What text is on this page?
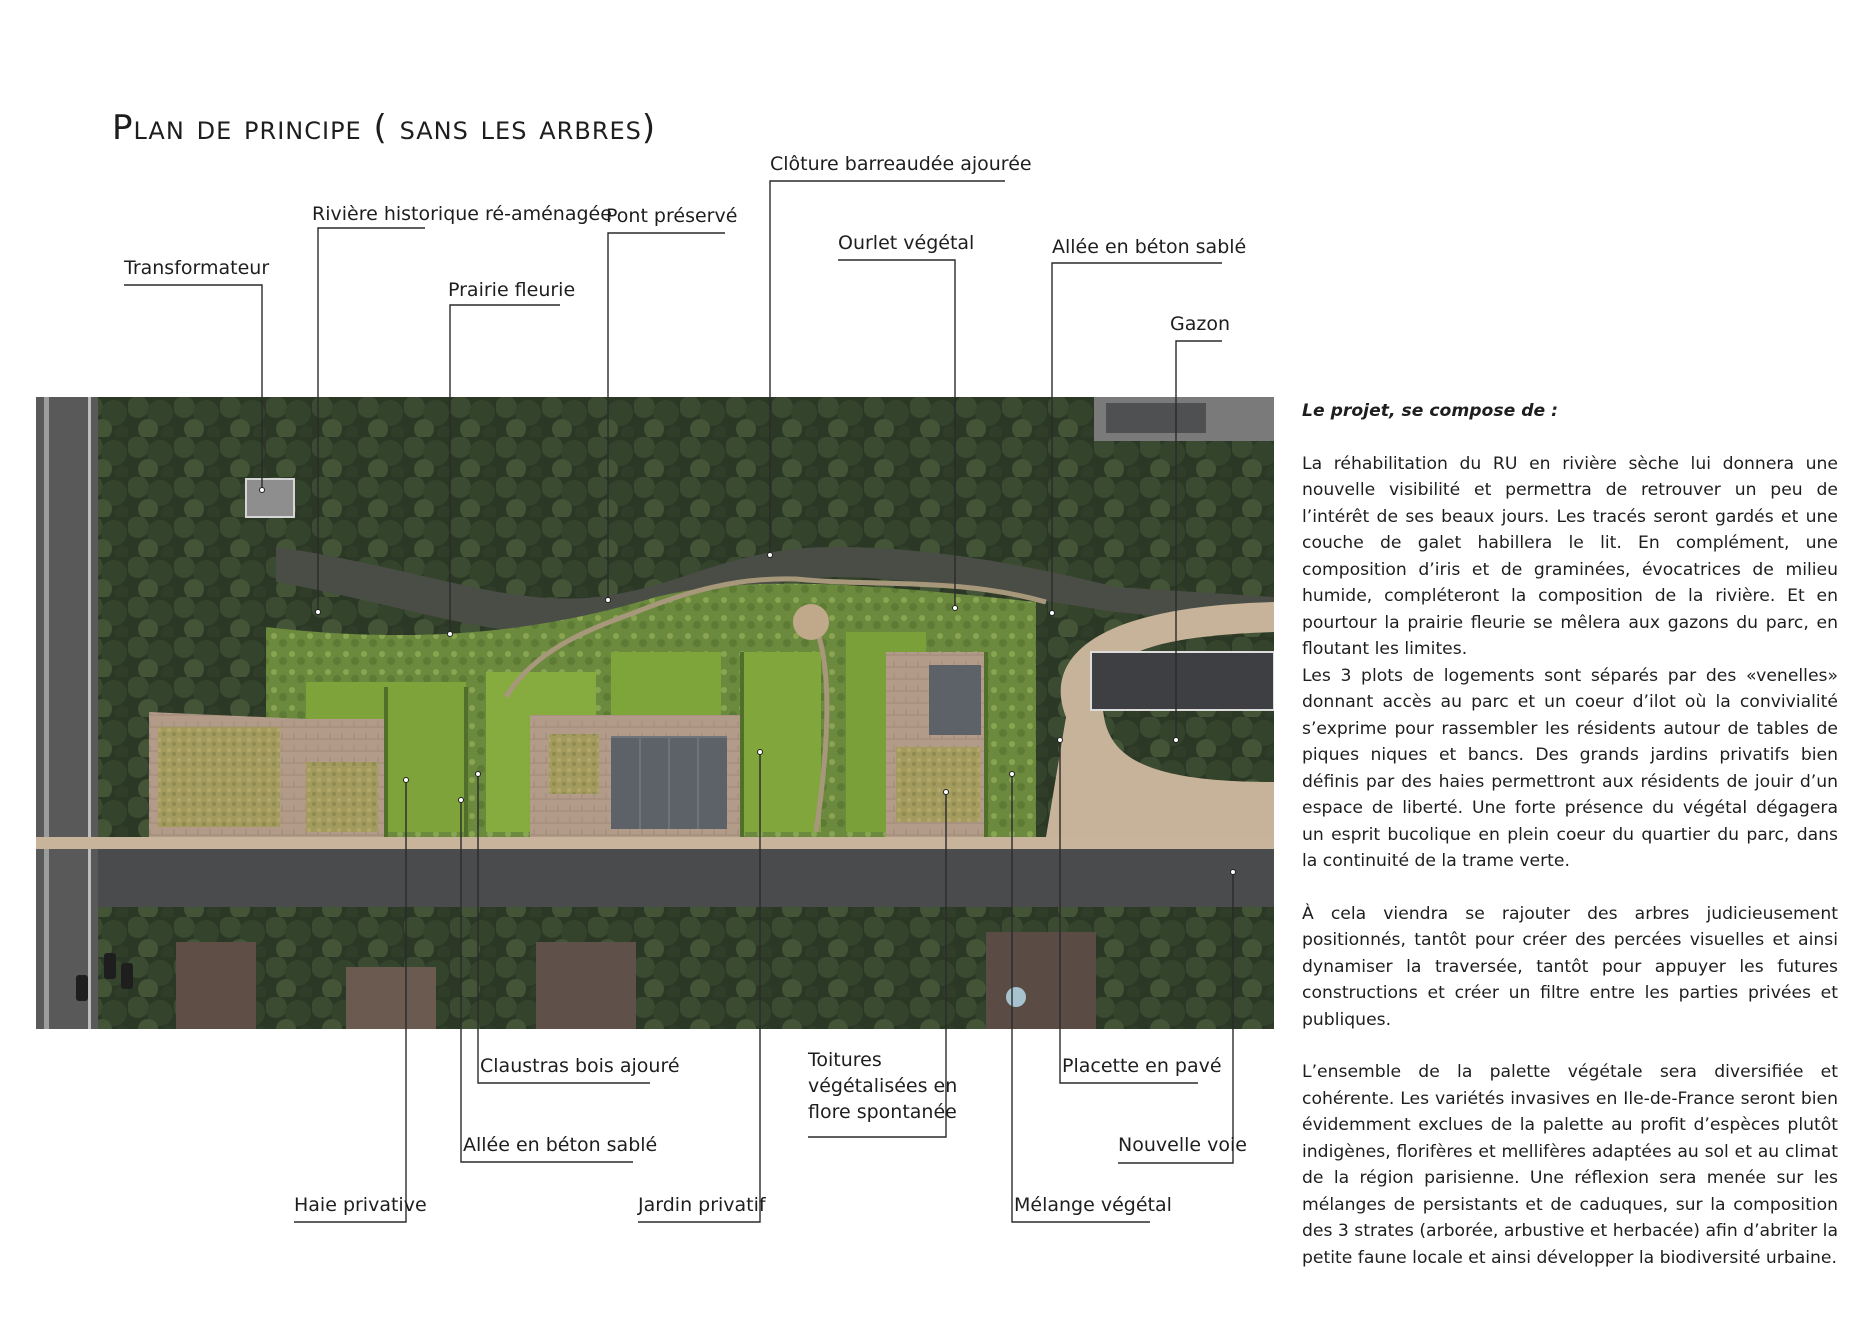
Plan de principe ( sans les arbres)
Transformateur
Rivière historique ré-aménagée
Prairie fleurie
Pont préservé
Clôture barreaudée ajourée
Ourlet végétal	Allée en béton sablé
Gazon
Claustras bois ajouré
Allée en béton sablé
Haie privative	Jardin privatif
Toitures végétalisées en flore spontanée
Mélange végétal
Placette en pavé
Nouvelle voie

Le projet, se compose de :

La réhabilitation du RU en rivière sèche lui donnera une nouvelle visibilité et permettra de retrouver un peu de l’intérêt de ses beaux jours. Les tracés seront gardés et une couche de galet habillera le lit. En complément, une composition d’iris et de graminées, évocatrices de milieu humide, compléteront la composition de la rivière. Et en pourtour la prairie fleurie se mêlera aux gazons du parc, en floutant les limites.

Les 3 plots de logements sont séparés par des «venelles» donnant accès au parc et un coeur d’ilot où la convivialité s’exprime pour rassembler les résidents autour de tables de piques niques et bancs. Des grands jardins privatifs bien définis par des haies permettront aux résidents de jouir d’un espace de liberté. Une forte présence du végétal dégagera un esprit bucolique en plein coeur du quartier du parc, dans la continuité de la trame verte.

À cela viendra se rajouter des arbres judicieusement positionnés, tantôt pour créer des percées visuelles et ainsi dynamiser la traversée, tantôt pour appuyer les futures constructions et créer un filtre entre les parties privées et publiques.

L’ensemble de la palette végétale sera diversifiée et cohérente. Les variétés invasives en Ile-de-France seront bien évidemment exclues de la palette au profit d’espèces plutôt indigènes, florifères et mellifères adaptées au sol et au climat de la région parisienne. Une réflexion sera menée sur les mélanges de persistants et de caduques, sur la composition des 3 strates (arborée, arbustive et herbacée) afin d’abriter la petite faune locale et ainsi développer la biodiversité urbaine.
